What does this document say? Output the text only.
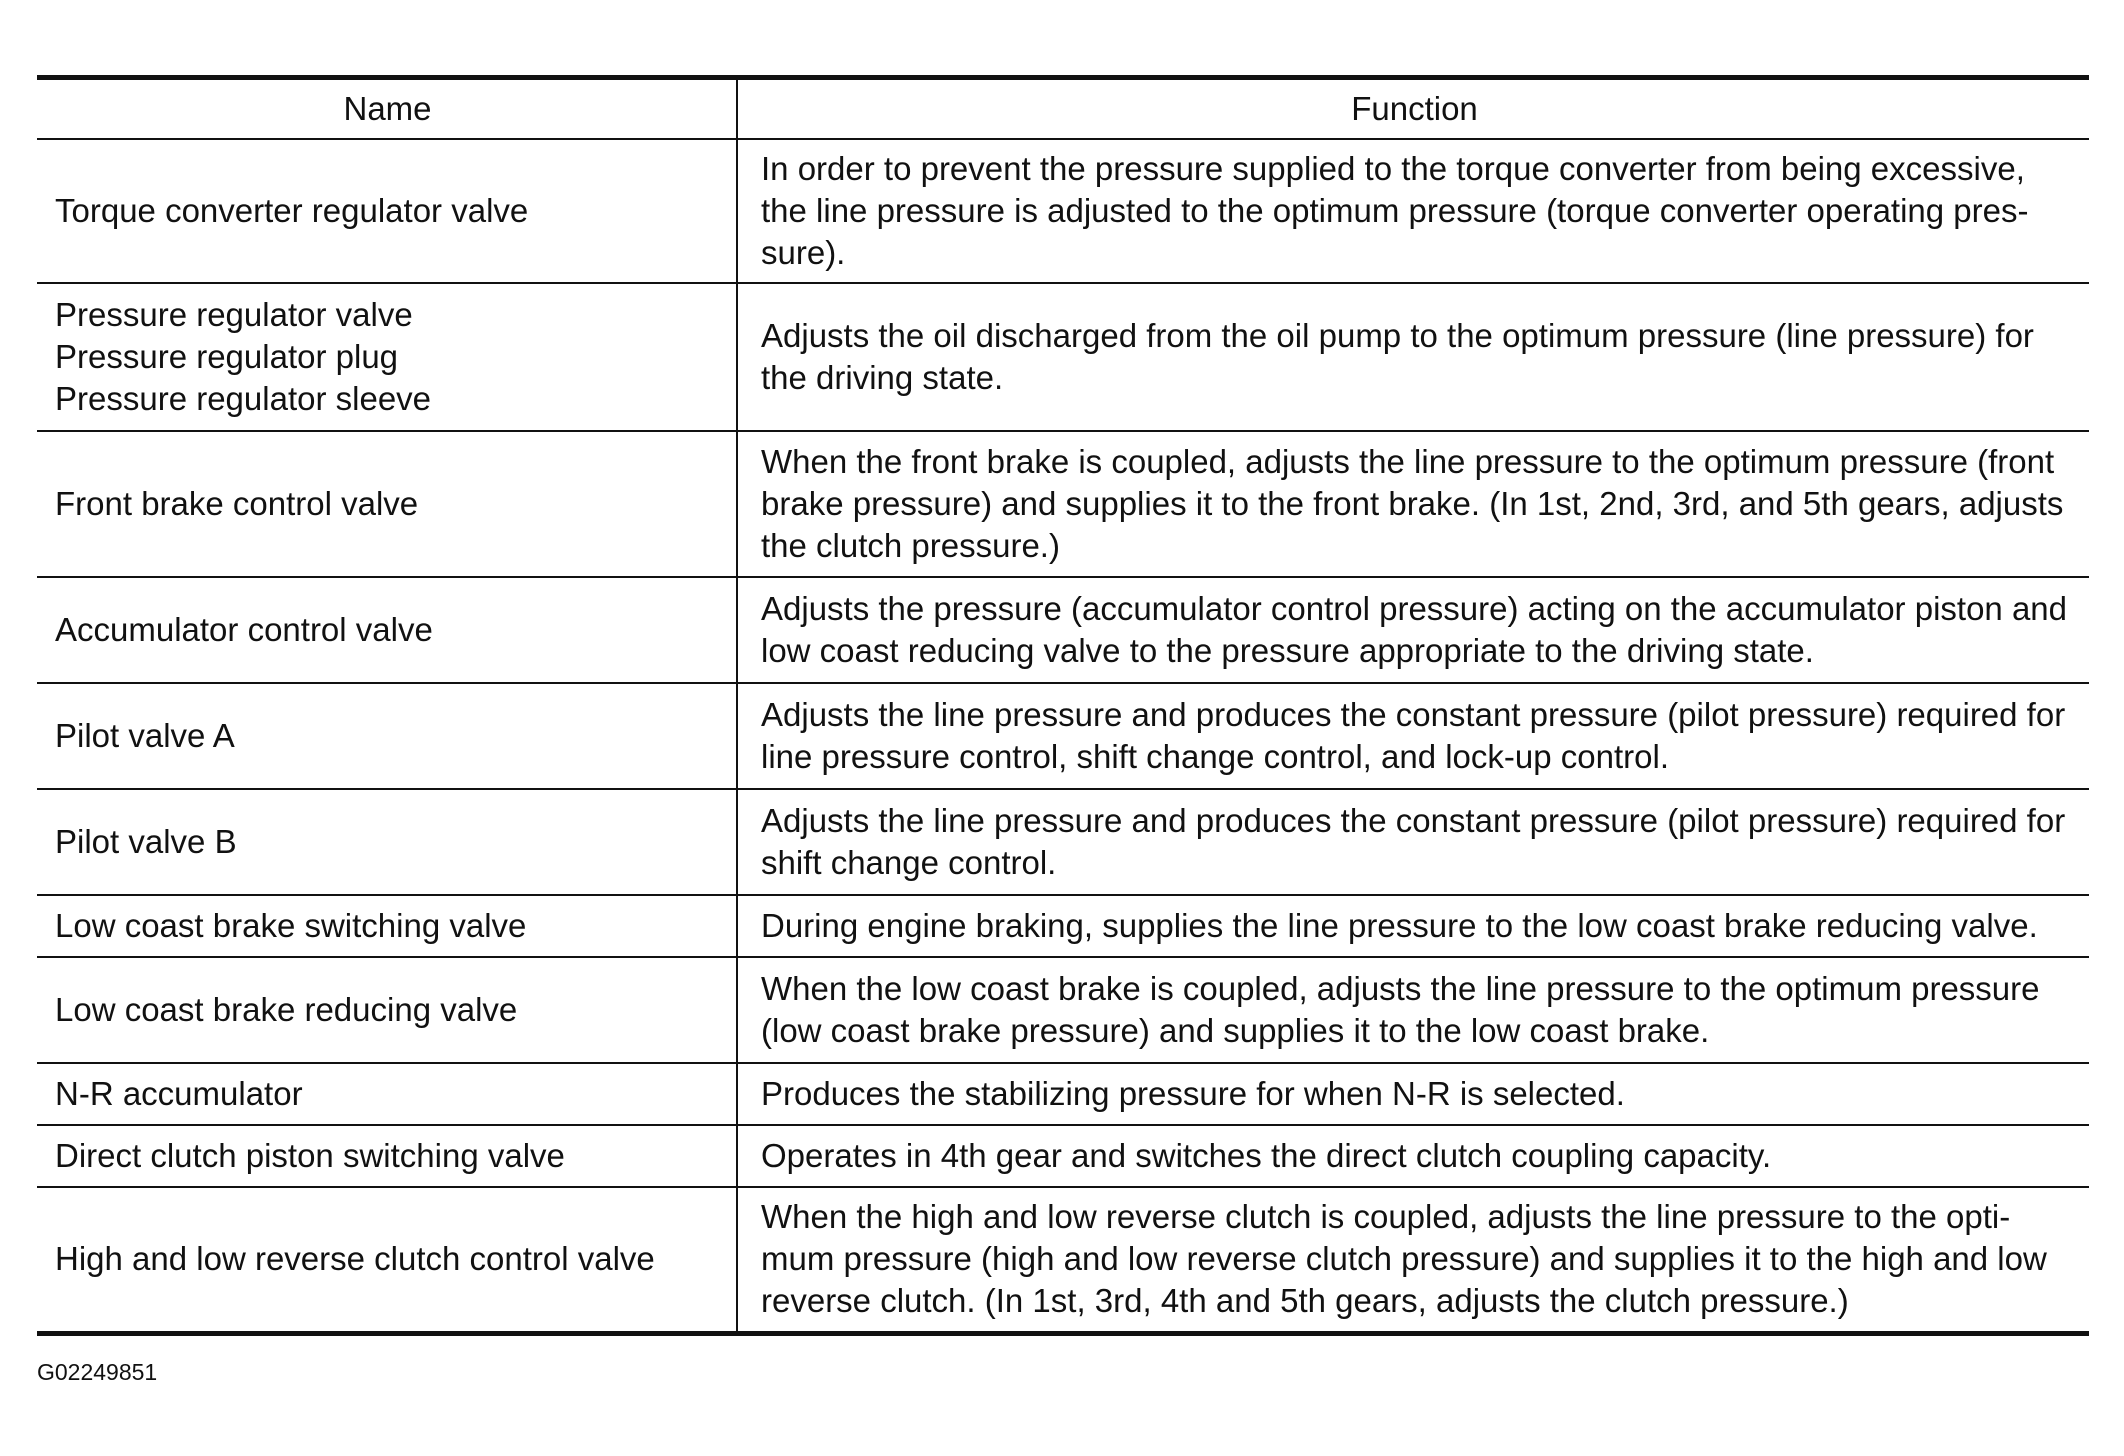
Name	Function

Torque converter regulator valve	In order to prevent the pressure supplied to the torque converter from being excessive, the line pressure is adjusted to the optimum pressure (torque converter operating pres-sure).

Pressure regulator valve
Pressure regulator plug
Pressure regulator sleeve	Adjusts the oil discharged from the oil pump to the optimum pressure (line pressure) for the driving state.

Front brake control valve	When the front brake is coupled, adjusts the line pressure to the optimum pressure (front brake pressure) and supplies it to the front brake. (In 1st, 2nd, 3rd, and 5th gears, adjusts the clutch pressure.)

Accumulator control valve	Adjusts the pressure (accumulator control pressure) acting on the accumulator piston and low coast reducing valve to the pressure appropriate to the driving state.

Pilot valve A	Adjusts the line pressure and produces the constant pressure (pilot pressure) required for line pressure control, shift change control, and lock-up control.

Pilot valve B	Adjusts the line pressure and produces the constant pressure (pilot pressure) required for shift change control.

Low coast brake switching valve	During engine braking, supplies the line pressure to the low coast brake reducing valve.

Low coast brake reducing valve	When the low coast brake is coupled, adjusts the line pressure to the optimum pressure (low coast brake pressure) and supplies it to the low coast brake.

N-R accumulator	Produces the stabilizing pressure for when N-R is selected.

Direct clutch piston switching valve	Operates in 4th gear and switches the direct clutch coupling capacity.

High and low reverse clutch control valve	When the high and low reverse clutch is coupled, adjusts the line pressure to the opti-mum pressure (high and low reverse clutch pressure) and supplies it to the high and low reverse clutch. (In 1st, 3rd, 4th and 5th gears, adjusts the clutch pressure.)
G02249851
